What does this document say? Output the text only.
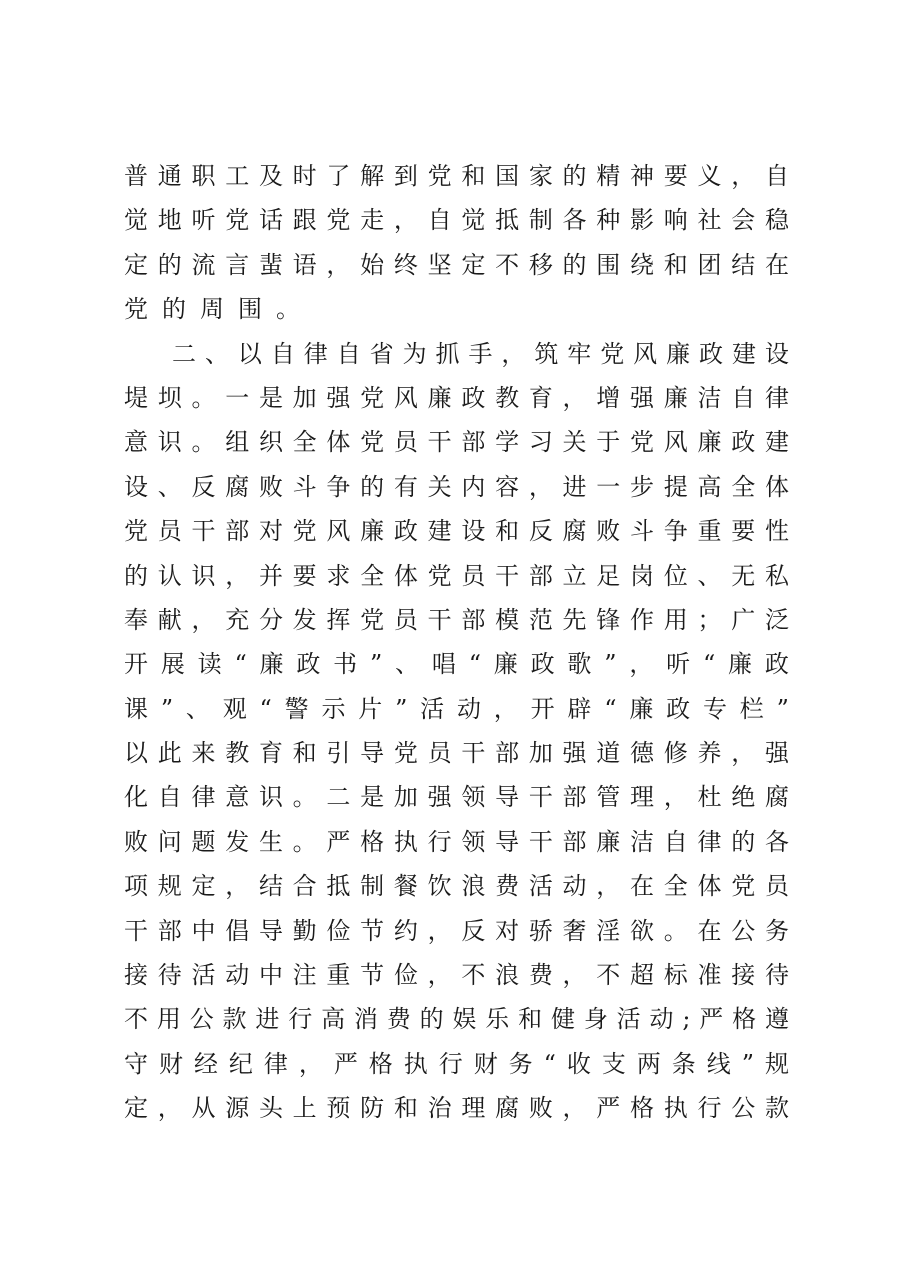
普 通 职 工 及 时 了 解 到 党 和 国 家 的 精 神 要 义 ， 自
觉 地 听 党 话 跟 党 走 ， 自 觉 抵 制 各 种 影 响 社 会 稳
定 的 流 言 蜚 语 ， 始 终 坚 定 不 移 的 围 绕 和 团 结 在
党的周围。
二 、 以 自 律 自 省 为 抓 手 ， 筑 牢 党 风 廉 政 建 设
堤 坝 。 一 是 加 强 党 风 廉 政 教 育 ， 增 强 廉 洁 自 律
意 识 。 组 织 全 体 党 员 干 部 学 习 关 于 党 风 廉 政 建
设 、 反 腐 败 斗 争 的 有 关 内 容 ， 进 一 步 提 高 全 体
党 员 干 部 对 党 风 廉 政 建 设 和 反 腐 败 斗 争 重 要 性
的 认 识 ， 并 要 求 全 体 党 员 干 部 立 足 岗 位 、 无 私
奉 献 ， 充 分 发 挥 党 员 干 部 模 范 先 锋 作 用 ； 广 泛
开 展 读 “ 廉 政 书 ” 、 唱 “ 廉 政 歌 ” ， 听 “ 廉 政
课 ” 、 观 “ 警 示 片 ” 活 动 ， 开 辟 “ 廉 政 专 栏 ”
以 此 来 教 育 和 引 导 党 员 干 部 加 强 道 德 修 养 ， 强
化 自 律 意 识 。 二 是 加 强 领 导 干 部 管 理 ， 杜 绝 腐
败 问 题 发 生 。 严 格 执 行 领 导 干 部 廉 洁 自 律 的 各
项 规 定 ， 结 合 抵 制 餐 饮 浪 费 活 动 ， 在 全 体 党 员
干 部 中 倡 导 勤 俭 节 约 ， 反 对 骄 奢 淫 欲 。 在 公 务
接 待 活 动 中 注 重 节 俭 ， 不 浪 费 ， 不 超 标 准 接 待
不 用 公 款 进 行 高 消 费 的 娱 乐 和 健 身 活 动 ; 严 格 遵
守 财 经 纪 律 ， 严 格 执 行 财 务 “ 收 支 两 条 线 ” 规
定 ， 从 源 头 上 预 防 和 治 理 腐 败 ， 严 格 执 行 公 款
